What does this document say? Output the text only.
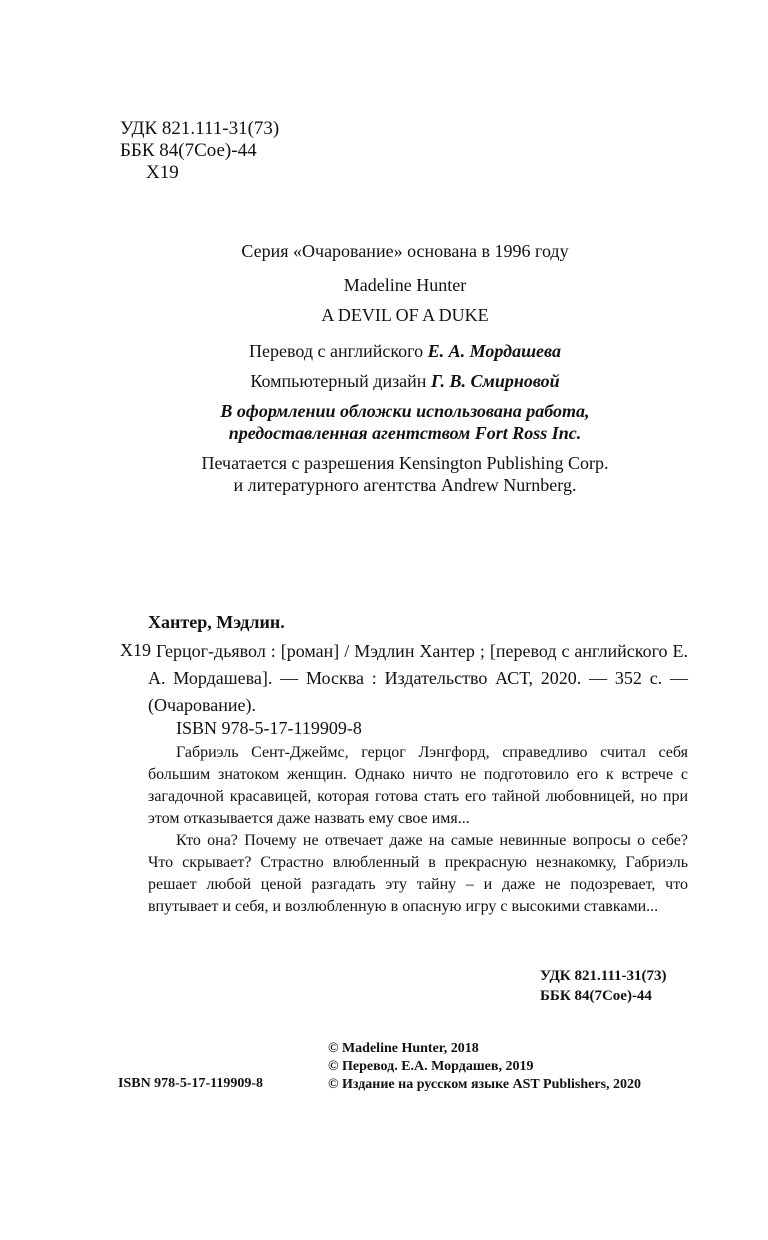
УДК 821.111-31(73)
ББК 84(7Сое)-44
Х19
Серия «Очарование» основана в 1996 году
Madeline Hunter
A DEVIL OF A DUKE
Перевод с английского Е. А. Мордашева
Компьютерный дизайн Г. В. Смирновой
В оформлении обложки использована работа,
предоставленная агентством Fort Ross Inc.
Печатается с разрешения Kensington Publishing Corp.
и литературного агентства Andrew Nurnberg.
Хантер, Мэдлин.
Х19 Герцог-дьявол : [роман] / Мэдлин Хантер ; [перевод с английского Е. А. Мордашева]. — Москва : Издательство АСТ, 2020. — 352 с. — (Очарование).
ISBN 978-5-17-119909-8

Габриэль Сент-Джеймс, герцог Лэнгфорд, справедливо считал себя большим знатоком женщин. Однако ничто не подготовило его к встрече с загадочной красавицей, которая готова стать его тайной любовницей, но при этом отказывается даже назвать ему свое имя...

Кто она? Почему не отвечает даже на самые невинные вопросы о себе? Что скрывает? Страстно влюбленный в прекрасную незнакомку, Габриэль решает любой ценой разгадать эту тайну – и даже не подозревает, что впутывает и себя, и возлюбленную в опасную игру с высокими ставками...

УДК 821.111-31(73)
ББК 84(7Сое)-44
© Madeline Hunter, 2018
© Перевод. Е.А. Мордашев, 2019
© Издание на русском языке AST Publishers, 2020
ISBN 978-5-17-119909-8
